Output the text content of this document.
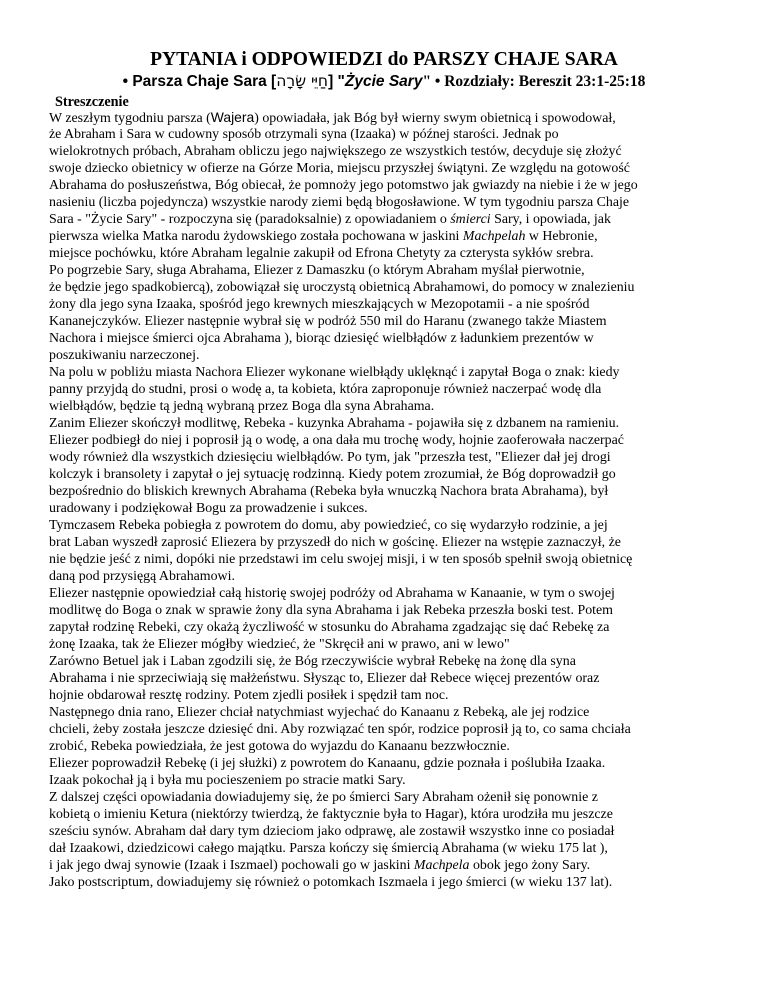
PYTANIA i ODPOWIEDZI do PARSZY CHAJE SARA
• Parsza Chaje Sara [חַיֵּי שָׂרָה] "Życie Sary" • Rozdziały: Bereszit 23:1-25:18
Streszczenie
W zeszłym tygodniu parsza (Wajera) opowiadała, jak Bóg był wierny swym obietnicą i spowodował,
że Abraham i Sara w cudowny sposób otrzymali syna (Izaaka) w późnej starości. Jednak po
wielokrotnych próbach, Abraham obliczu jego największego ze wszystkich testów, decyduje się złożyć
swoje dziecko obietnicy w ofierze na Górze Moria, miejscu przyszłej świątyni. Ze względu na gotowość
Abrahama do posłuszeństwa, Bóg obiecał, że pomnoży jego potomstwo jak gwiazdy na niebie i że w jego
nasieniu (liczba pojedyncza) wszystkie narody ziemi będą błogosławione. W tym tygodniu parsza Chaje
Sara - "Życie Sary" - rozpoczyna się (paradoksalnie) z opowiadaniem o śmierci Sary, i opowiada, jak
pierwsza wielka Matka narodu żydowskiego została pochowana w jaskini Machpelah w Hebronie,
miejsce pochówku, które Abraham legalnie zakupił od Efrona Chetyty za czterysta sykłów srebra.
Po pogrzebie Sary, sługa Abrahama, Eliezer z Damaszku (o którym Abraham myślał pierwotnie,
że będzie jego spadkobiercą), zobowiązał się uroczystą obietnicą Abrahamowi, do pomocy w znalezieniu
żony dla jego syna Izaaka, spośród jego krewnych mieszkających w Mezopotamii - a nie spośród
Kananejczyków. Eliezer następnie wybrał się w podróż 550 mil do Haranu (zwanego także Miastem
Nachora i miejsce śmierci ojca Abrahama ), biorąc dziesięć wielbłądów z ładunkiem prezentów w
poszukiwaniu narzeczonej.
Na polu w pobliżu miasta Nachora Eliezer wykonane wielbłądy uklęknąć i zapytał Boga o znak: kiedy
panny przyjdą do studni, prosi o wodę a, ta kobieta, która zaproponuje również naczerpać wodę dla
wielbłądów, będzie tą jedną wybraną przez Boga dla syna Abrahama.
Zanim Eliezer skończył modlitwę, Rebeka - kuzynka Abrahama - pojawiła się z dzbanem na ramieniu.
Eliezer podbiegł do niej i poprosił ją o wodę, a ona dała mu trochę wody, hojnie zaoferowała naczerpać
wody również dla wszystkich dziesięciu wielbłądów. Po tym, jak "przeszła test, "Eliezer dał jej drogi
kolczyk i bransolety i zapytał o jej sytuację rodzinną. Kiedy potem zrozumiał, że Bóg doprowadził go
bezpośrednio do bliskich krewnych Abrahama (Rebeka była wnuczką Nachora brata Abrahama), był
uradowany i podziękował Bogu za prowadzenie i sukces.
Tymczasem Rebeka pobiegła z powrotem do domu, aby powiedzieć, co się wydarzyło rodzinie, a jej
brat Laban wyszedł zaprosić Eliezera by przyszedł do nich w gościnę. Eliezer na wstępie zaznaczył, że
nie będzie jeść z nimi, dopóki nie przedstawi im celu swojej misji, i w ten sposób spełnił swoją obietnicę
daną pod przysięgą Abrahamowi.
Eliezer następnie opowiedział całą historię swojej podróży od Abrahama w Kanaanie, w tym o swojej
modlitwę do Boga o znak w sprawie żony dla syna Abrahama i jak Rebeka przeszła boski test. Potem
zapytał rodzinę Rebeki, czy okażą życzliwość w stosunku do Abrahama zgadzając się dać Rebekę za
żonę Izaaka, tak że Eliezer mógłby wiedzieć, że "Skręcił ani w prawo, ani w lewo"
Zarówno Betuel jak i Laban zgodzili się, że Bóg rzeczywiście wybrał Rebekę na żonę dla syna
Abrahama i nie sprzeciwiają się małżeństwu. Słysząc to, Eliezer dał Rebece więcej prezentów oraz
hojnie obdarował resztę rodziny. Potem zjedli posiłek i spędził tam noc.
Następnego dnia rano, Eliezer chciał natychmiast wyjechać do Kanaanu z Rebeką, ale jej rodzice
chcieli, żeby została jeszcze dziesięć dni. Aby rozwiązać ten spór, rodzice poprosił ją to, co sama chciała
zrobić, Rebeka powiedziała, że jest gotowa do wyjazdu do Kanaanu bezzwłocznie.
Eliezer poprowadził Rebekę (i jej służki) z powrotem do Kanaanu, gdzie poznała i poślubiła Izaaka.
Izaak pokochał ją i była mu pocieszeniem po stracie matki Sary.
Z dalszej części opowiadania dowiadujemy się, że po śmierci Sary Abraham ożenił się ponownie z
kobietą o imieniu Ketura (niektórzy twierdzą, że faktycznie była to Hagar), która urodziła mu jeszcze
sześciu synów. Abraham dał dary tym dzieciom jako odprawę, ale zostawił wszystko inne co posiadał
dał Izaakowi, dziedzicowi całego majątku. Parsza kończy się śmiercią Abrahama (w wieku 175 lat ),
i jak jego dwaj synowie (Izaak i Iszmael) pochowali go w jaskini Machpela obok jego żony Sary.
Jako postscriptum, dowiadujemy się również o potomkach Iszmaela i jego śmierci (w wieku 137 lat).
